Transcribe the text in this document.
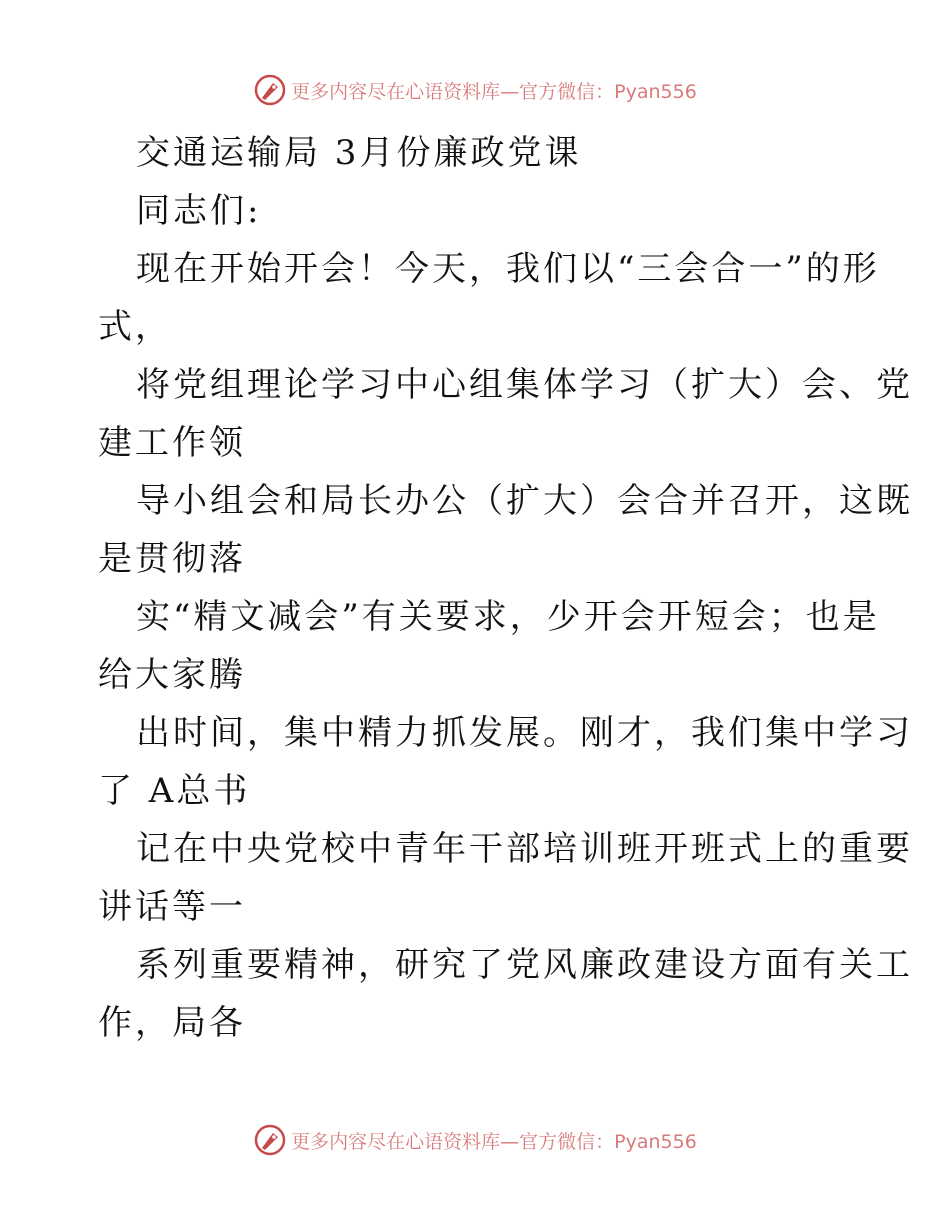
更多内容尽在心语资料库—官方微信：Pyan556

交通运输局 3月份廉政党课

同志们:

现在开始开会！今天，我们以“三会合一”的形
式，

将党组理论学习中心组集体学习（扩大）会、党
建工作领

导小组会和局长办公（扩大）会合并召开，这既
是贯彻落

实“精文减会”有关要求，少开会开短会；也是
给大家腾

出时间，集中精力抓发展。刚才，我们集中学习
了 A总书

记在中央党校中青年干部培训班开班式上的重要
讲话等一

系列重要精神，研究了党风廉政建设方面有关工
作，局各

更多内容尽在心语资料库—官方微信：Pyan556
